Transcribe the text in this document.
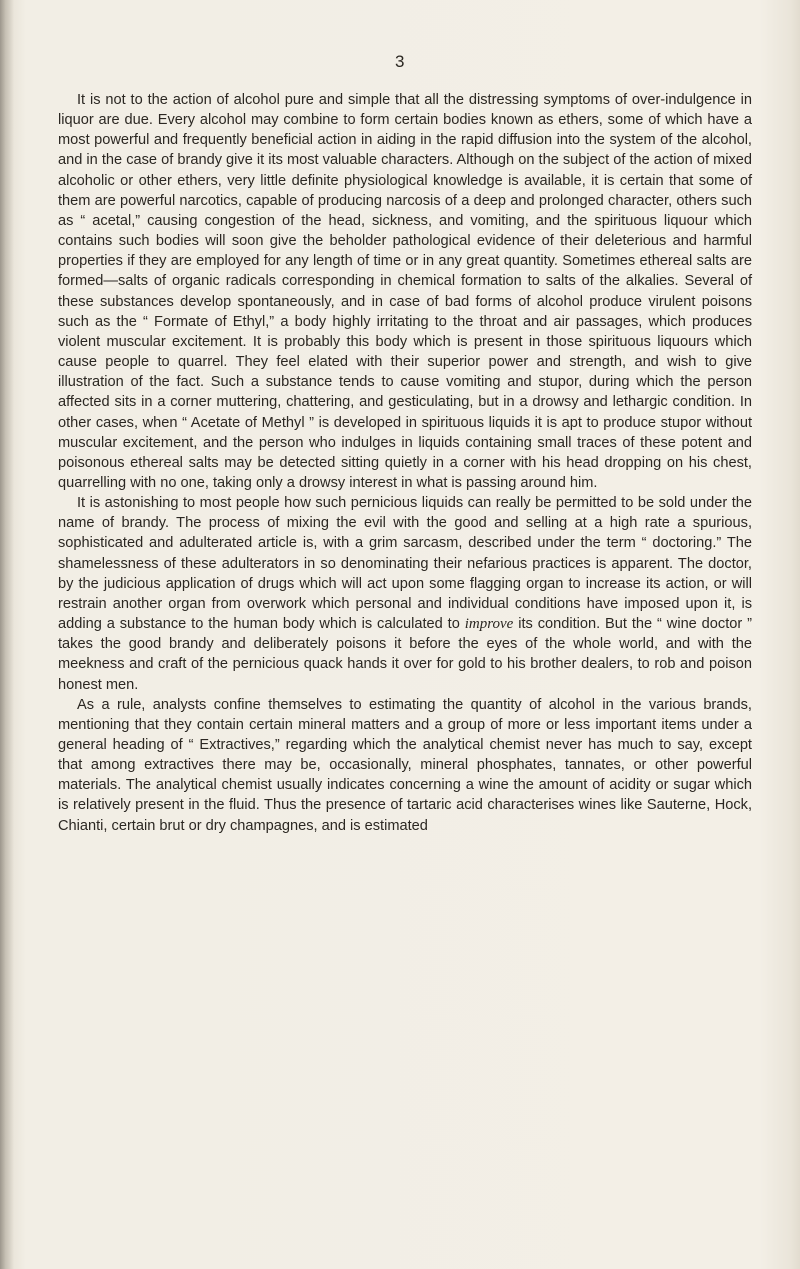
3

It is not to the action of alcohol pure and simple that all the distressing symptoms of over-indulgence in liquor are due. Every alcohol may combine to form certain bodies known as ethers, some of which have a most powerful and frequently beneficial action in aiding in the rapid diffusion into the system of the alcohol, and in the case of brandy give it its most valuable characters. Although on the subject of the action of mixed alcoholic or other ethers, very little definite physiological knowledge is available, it is certain that some of them are powerful narcotics, capable of producing narcosis of a deep and prolonged character, others such as “ acetal,” causing congestion of the head, sickness, and vomiting, and the spirituous liquour which contains such bodies will soon give the beholder pathological evidence of their deleterious and harmful properties if they are employed for any length of time or in any great quantity. Sometimes ethereal salts are formed—salts of organic radicals corresponding in chemical formation to salts of the alkalies. Several of these substances develop spontaneously, and in case of bad forms of alcohol produce virulent poisons such as the “ Formate of Ethyl,” a body highly irritating to the throat and air passages, which produces violent muscular excitement. It is probably this body which is present in those spirituous liquours which cause people to quarrel. They feel elated with their superior power and strength, and wish to give illustration of the fact. Such a substance tends to cause vomiting and stupor, during which the person affected sits in a corner muttering, chattering, and gesticulating, but in a drowsy and lethargic condition. In other cases, when “ Acetate of Methyl ” is developed in spirituous liquids it is apt to produce stupor without muscular excitement, and the person who indulges in liquids containing small traces of these potent and poisonous ethereal salts may be detected sitting quietly in a corner with his head dropping on his chest, quarrelling with no one, taking only a drowsy interest in what is passing around him.

It is astonishing to most people how such pernicious liquids can really be permitted to be sold under the name of brandy. The process of mixing the evil with the good and selling at a high rate a spurious, sophisticated and adulterated article is, with a grim sarcasm, described under the term “ doctoring.” The shamelessness of these adulterators in so denominating their nefarious practices is apparent. The doctor, by the judicious application of drugs which will act upon some flagging organ to increase its action, or will restrain another organ from overwork which personal and individual conditions have imposed upon it, is adding a substance to the human body which is calculated to improve its condition. But the “ wine doctor ” takes the good brandy and deliberately poisons it before the eyes of the whole world, and with the meekness and craft of the pernicious quack hands it over for gold to his brother dealers, to rob and poison honest men.

As a rule, analysts confine themselves to estimating the quantity of alcohol in the various brands, mentioning that they contain certain mineral matters and a group of more or less important items under a general heading of “ Extractives,” regarding which the analytical chemist never has much to say, except that among extractives there may be, occasionally, mineral phosphates, tannates, or other powerful materials. The analytical chemist usually indicates concerning a wine the amount of acidity or sugar which is relatively present in the fluid. Thus the presence of tartaric acid characterises wines like Sauterne, Hock, Chianti, certain brut or dry champagnes, and is estimated
